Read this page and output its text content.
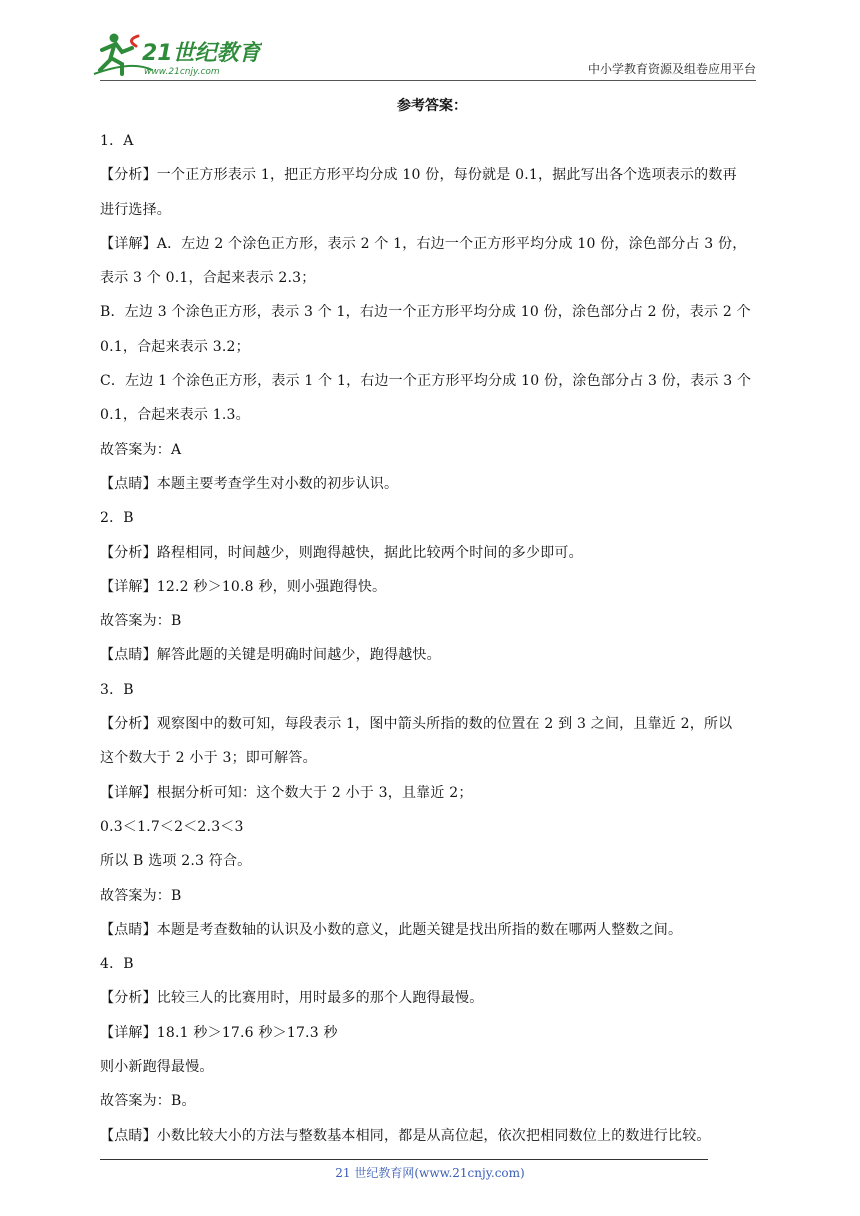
21世纪教育
www.21cnjy.com	中小学教育资源及组卷应用平台
参考答案：
1．A
【分析】一个正方形表示 1，把正方形平均分成 10 份，每份就是 0.1，据此写出各个选项表示的数再
进行选择。
【详解】A．左边 2 个涂色正方形，表示 2 个 1，右边一个正方形平均分成 10 份，涂色部分占 3 份，
表示 3 个 0.1，合起来表示 2.3；
B．左边 3 个涂色正方形，表示 3 个 1，右边一个正方形平均分成 10 份，涂色部分占 2 份，表示 2 个
0.1，合起来表示 3.2；
C．左边 1 个涂色正方形，表示 1 个 1，右边一个正方形平均分成 10 份，涂色部分占 3 份，表示 3 个
0.1，合起来表示 1.3。
故答案为：A
【点睛】本题主要考查学生对小数的初步认识。
2．B
【分析】路程相同，时间越少，则跑得越快，据此比较两个时间的多少即可。
【详解】12.2 秒＞10.8 秒，则小强跑得快。
故答案为：B
【点睛】解答此题的关键是明确时间越少，跑得越快。
3．B
【分析】观察图中的数可知，每段表示 1，图中箭头所指的数的位置在 2 到 3 之间，且靠近 2，所以
这个数大于 2 小于 3；即可解答。
【详解】根据分析可知：这个数大于 2 小于 3，且靠近 2；
0.3＜1.7＜2＜2.3＜3
所以 B 选项 2.3 符合。
故答案为：B
【点睛】本题是考查数轴的认识及小数的意义，此题关键是找出所指的数在哪两人整数之间。
4．B
【分析】比较三人的比赛用时，用时最多的那个人跑得最慢。
【详解】18.1 秒＞17.6 秒＞17.3 秒
则小新跑得最慢。
故答案为：B。
【点睛】小数比较大小的方法与整数基本相同，都是从高位起，依次把相同数位上的数进行比较。
21 世纪教育网(www.21cnjy.com)
